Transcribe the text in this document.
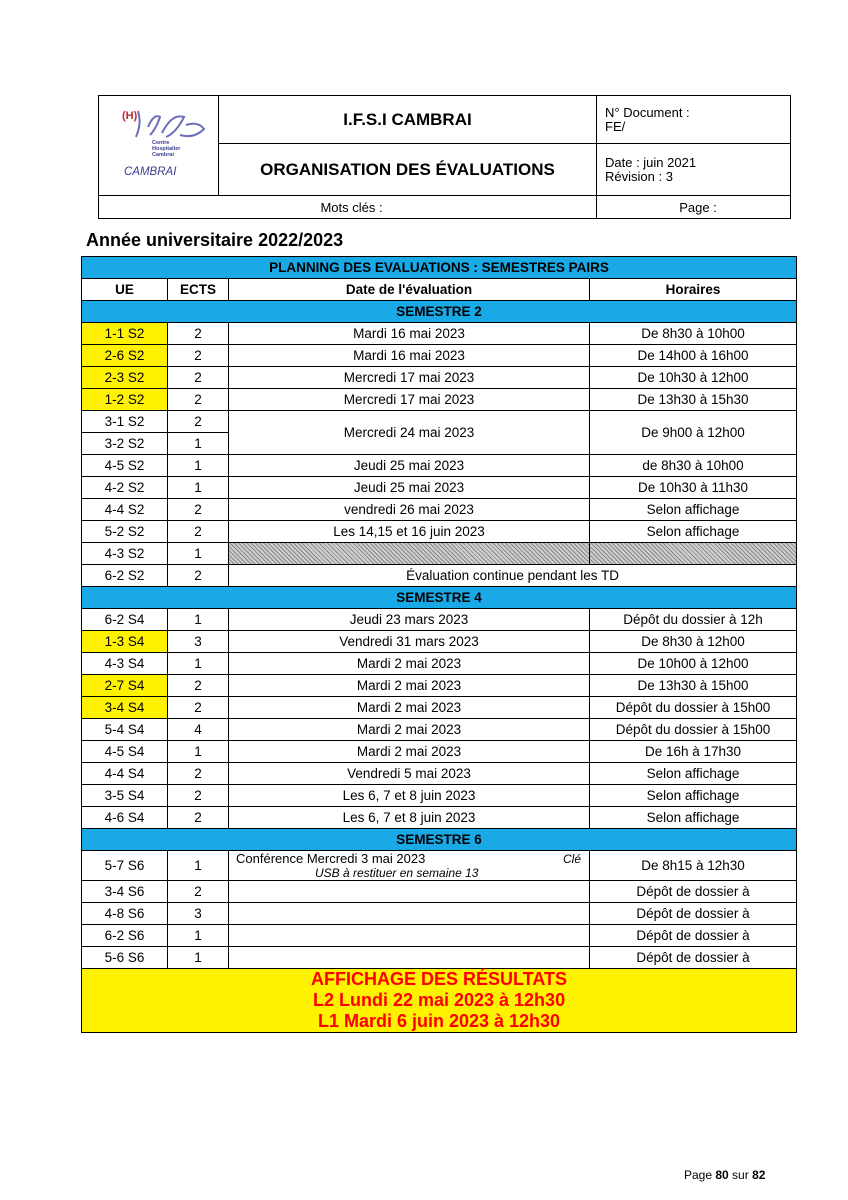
(H)
Centre
Hospitalier
Cambrai
CAMBRAI
I.F.S.I CAMBRAI
ORGANISATION DES ÉVALUATIONS
N° Document :
FE/
Date : juin 2021
Révision : 3
Mots clés :	Page :
Année universitaire 2022/2023
PLANNING DES EVALUATIONS : SEMESTRES PAIRS			
UE	ECTS	Date de l'évaluation	Horaires
SEMESTRE 2			
1-1 S2	2	Mardi 16 mai 2023	De 8h30 à 10h00
2-6 S2	2	Mardi 16 mai 2023	De 14h00 à 16h00
2-3 S2	2	Mercredi 17 mai 2023	De 10h30 à 12h00
1-2 S2	2	Mercredi 17 mai 2023	De 13h30 à 15h30
3-1 S2	2	Mercredi 24 mai 2023	De 9h00 à 12h00
3-2 S2	1		
4-5 S2	1	Jeudi 25 mai 2023	de 8h30 à 10h00
4-2 S2	1	Jeudi 25 mai 2023	De 10h30 à 11h30
4-4 S2	2	vendredi 26 mai 2023	Selon affichage
5-2 S2	2	Les 14,15 et 16 juin 2023	Selon affichage
4-3 S2	1		
6-2 S2	2	Évaluation continue pendant les TD	
SEMESTRE 4			
6-2 S4	1	Jeudi 23 mars 2023	Dépôt du dossier à 12h
1-3 S4	3	Vendredi 31 mars 2023	De 8h30 à 12h00
4-3 S4	1	Mardi 2 mai 2023	De 10h00 à 12h00
2-7 S4	2	Mardi 2 mai 2023	De 13h30 à 15h00
3-4 S4	2	Mardi 2 mai 2023	Dépôt du dossier à 15h00
5-4 S4	4	Mardi 2 mai 2023	Dépôt du dossier à 15h00
4-5 S4	1	Mardi 2 mai 2023	De 16h à 17h30
4-4 S4	2	Vendredi 5 mai 2023	Selon affichage
3-5 S4	2	Les 6, 7 et 8 juin 2023	Selon affichage
4-6 S4	2	Les 6, 7 et 8 juin 2023	Selon affichage
SEMESTRE 6			
5-7 S6	1	Conférence Mercredi 3 mai 2023 Clé
USB à restituer en semaine 13	De 8h15 à 12h30
3-4 S6	2		Dépôt de dossier à
4-8 S6	3		Dépôt de dossier à
6-2 S6	1		Dépôt de dossier à
5-6 S6	1		Dépôt de dossier à

AFFICHAGE DES RÉSULTATS
L2 Lundi 22 mai 2023 à 12h30
L1 Mardi 6 juin 2023 à 12h30			
Page 80 sur 82
